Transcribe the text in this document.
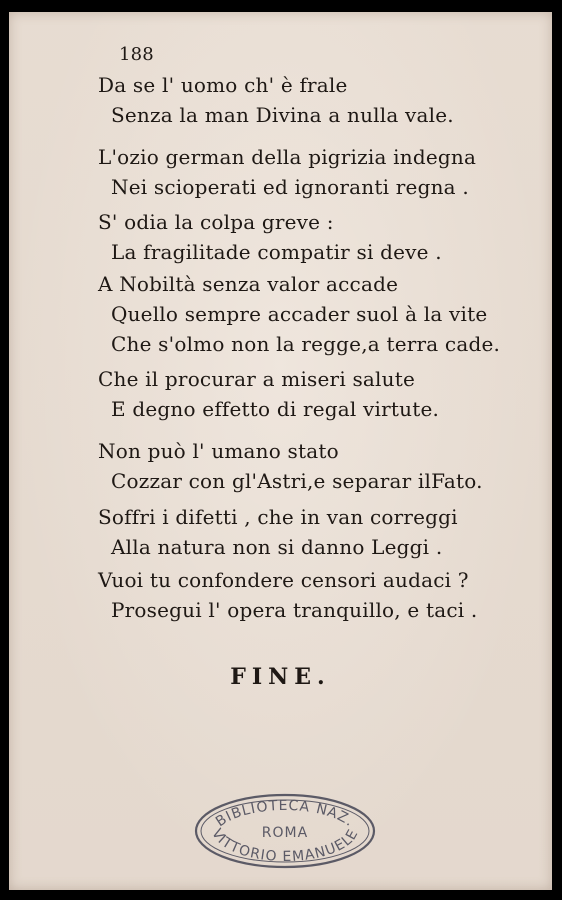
188
Da se l' uomo ch' è frale
Senza la man Divina a nulla vale.
L'ozio german della pigrizia indegna
Nei scioperati ed ignoranti regna .
S' odia la colpa greve :
La fragilitade compatir si deve .
A Nobiltà senza valor accade
Quello sempre accader suol à la vite
Che s'olmo non la regge,a terra cade.
Che il procurar a miseri salute
E degno effetto di regal virtute.
Non può l' umano stato
Cozzar con gl'Astri,e separar ilFato.
Soffri i difetti , che in van correggi
Alla natura non si danno Leggi .
Vuoi tu confondere censori audaci ?
Prosegui l' opera tranquillo, e taci .
FINE.
BIBLIOTECA NAZ.
ROMA
VITTORIO EMANUELE
